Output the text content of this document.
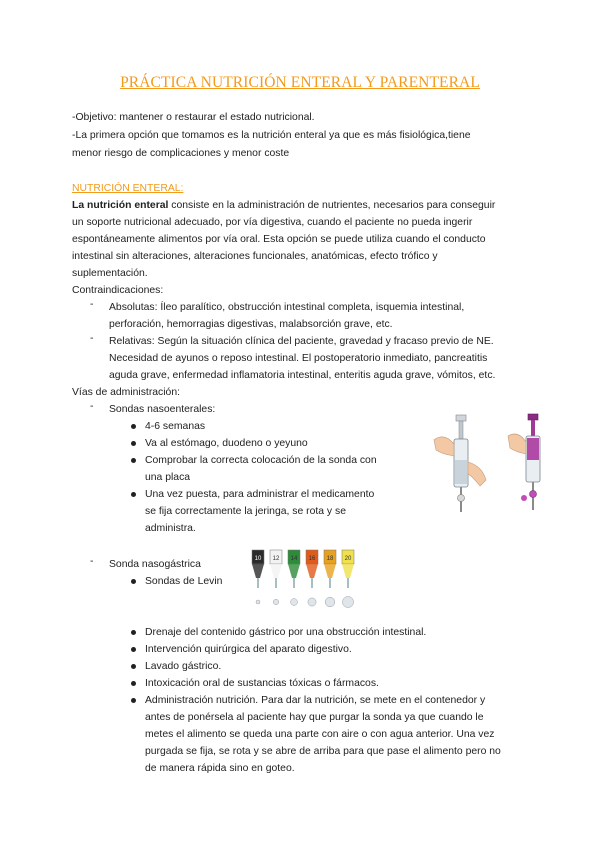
PRÁCTICA NUTRICIÓN ENTERAL Y PARENTERAL
-Objetivo: mantener o restaurar el estado nutricional.
-La primera opción que tomamos es la nutrición enteral ya que es más fisiológica,tiene
menor riesgo de complicaciones y menor coste
NUTRICIÓN ENTERAL:
La nutrición enteral consiste en la administración de nutrientes, necesarios para conseguir
un soporte nutricional adecuado, por vía digestiva, cuando el paciente no pueda ingerir
espontáneamente alimentos por vía oral. Esta opción se puede utiliza cuando el conducto
intestinal sin alteraciones, alteraciones funcionales, anatómicas, efecto trófico y
suplementación.
Contraindicaciones:
- Absolutas: Íleo paralítico, obstrucción intestinal completa, isquemia intestinal,
perforación, hemorragias digestivas, malabsorción grave, etc.
- Relativas: Según la situación clínica del paciente, gravedad y fracaso previo de NE.
Necesidad de ayunos o reposo intestinal. El postoperatorio inmediato, pancreatitis
aguda grave, enfermedad inflamatoria intestinal, enteritis aguda grave, vómitos, etc.
Vías de administración:
- Sondas nasoenterales:
4-6 semanas
Va al estómago, duodeno o yeyuno
Comprobar la correcta colocación de la sonda con
una placa
Una vez puesta, para administrar el medicamento
se fija correctamente la jeringa, se rota y se
administra.
- Sonda nasogástrica
Sondas de Levin
10 12 14 16 18 20
Drenaje del contenido gástrico por una obstrucción intestinal.
Intervención quirúrgica del aparato digestivo.
Lavado gástrico.
Intoxicación oral de sustancias tóxicas o fármacos.
Administración nutrición. Para dar la nutrición, se mete en el contenedor y
antes de ponérsela al paciente hay que purgar la sonda ya que cuando le
metes el alimento se queda una parte con aire o con agua anterior. Una vez
purgada se fija, se rota y se abre de arriba para que pase el alimento pero no
de manera rápida sino en goteo.
